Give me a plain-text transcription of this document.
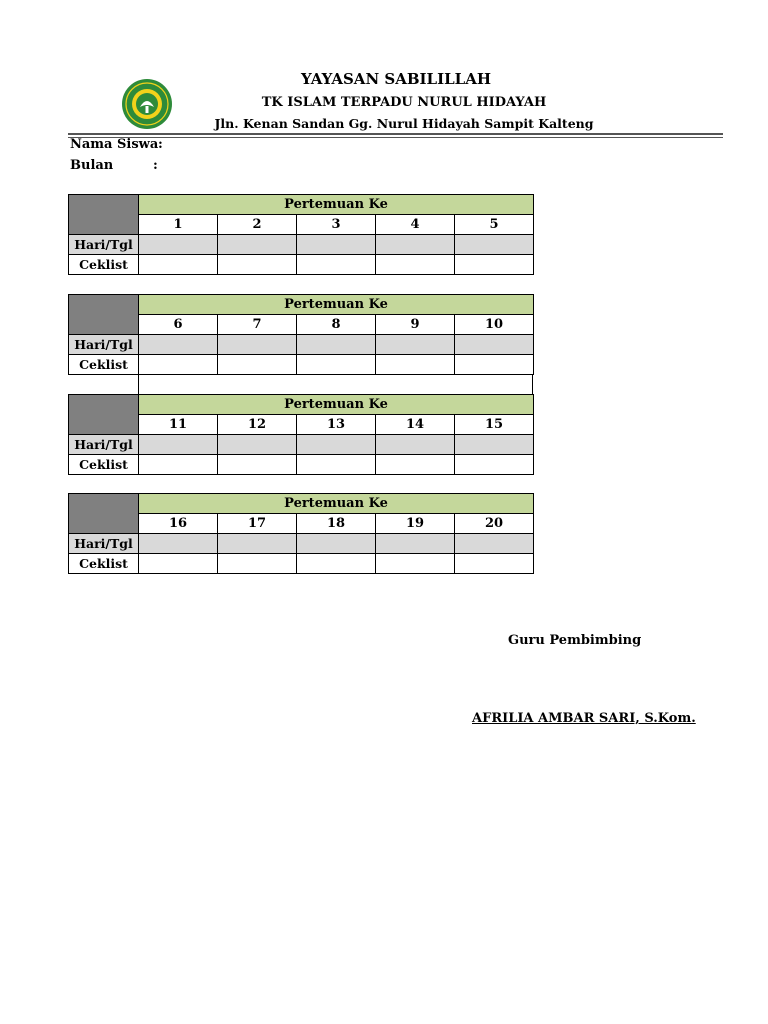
YAYASAN SABILILLAH
TK ISLAM TERPADU NURUL HIDAYAH
Jln. Kenan Sandan Gg. Nurul Hidayah Sampit Kalteng
Nama Siswa :
Bulan	:
	Pertemuan Ke				
	1	2	3	4	5
Hari/Tgl					
Ceklist					
	Pertemuan Ke				
	6	7	8	9	10
Hari/Tgl					
Ceklist					
	Pertemuan Ke				
	11	12	13	14	15
Hari/Tgl					
Ceklist					
	Pertemuan Ke				
	16	17	18	19	20
Hari/Tgl					
Ceklist					
Guru Pembimbing
AFRILIA AMBAR SARI, S.Kom.
